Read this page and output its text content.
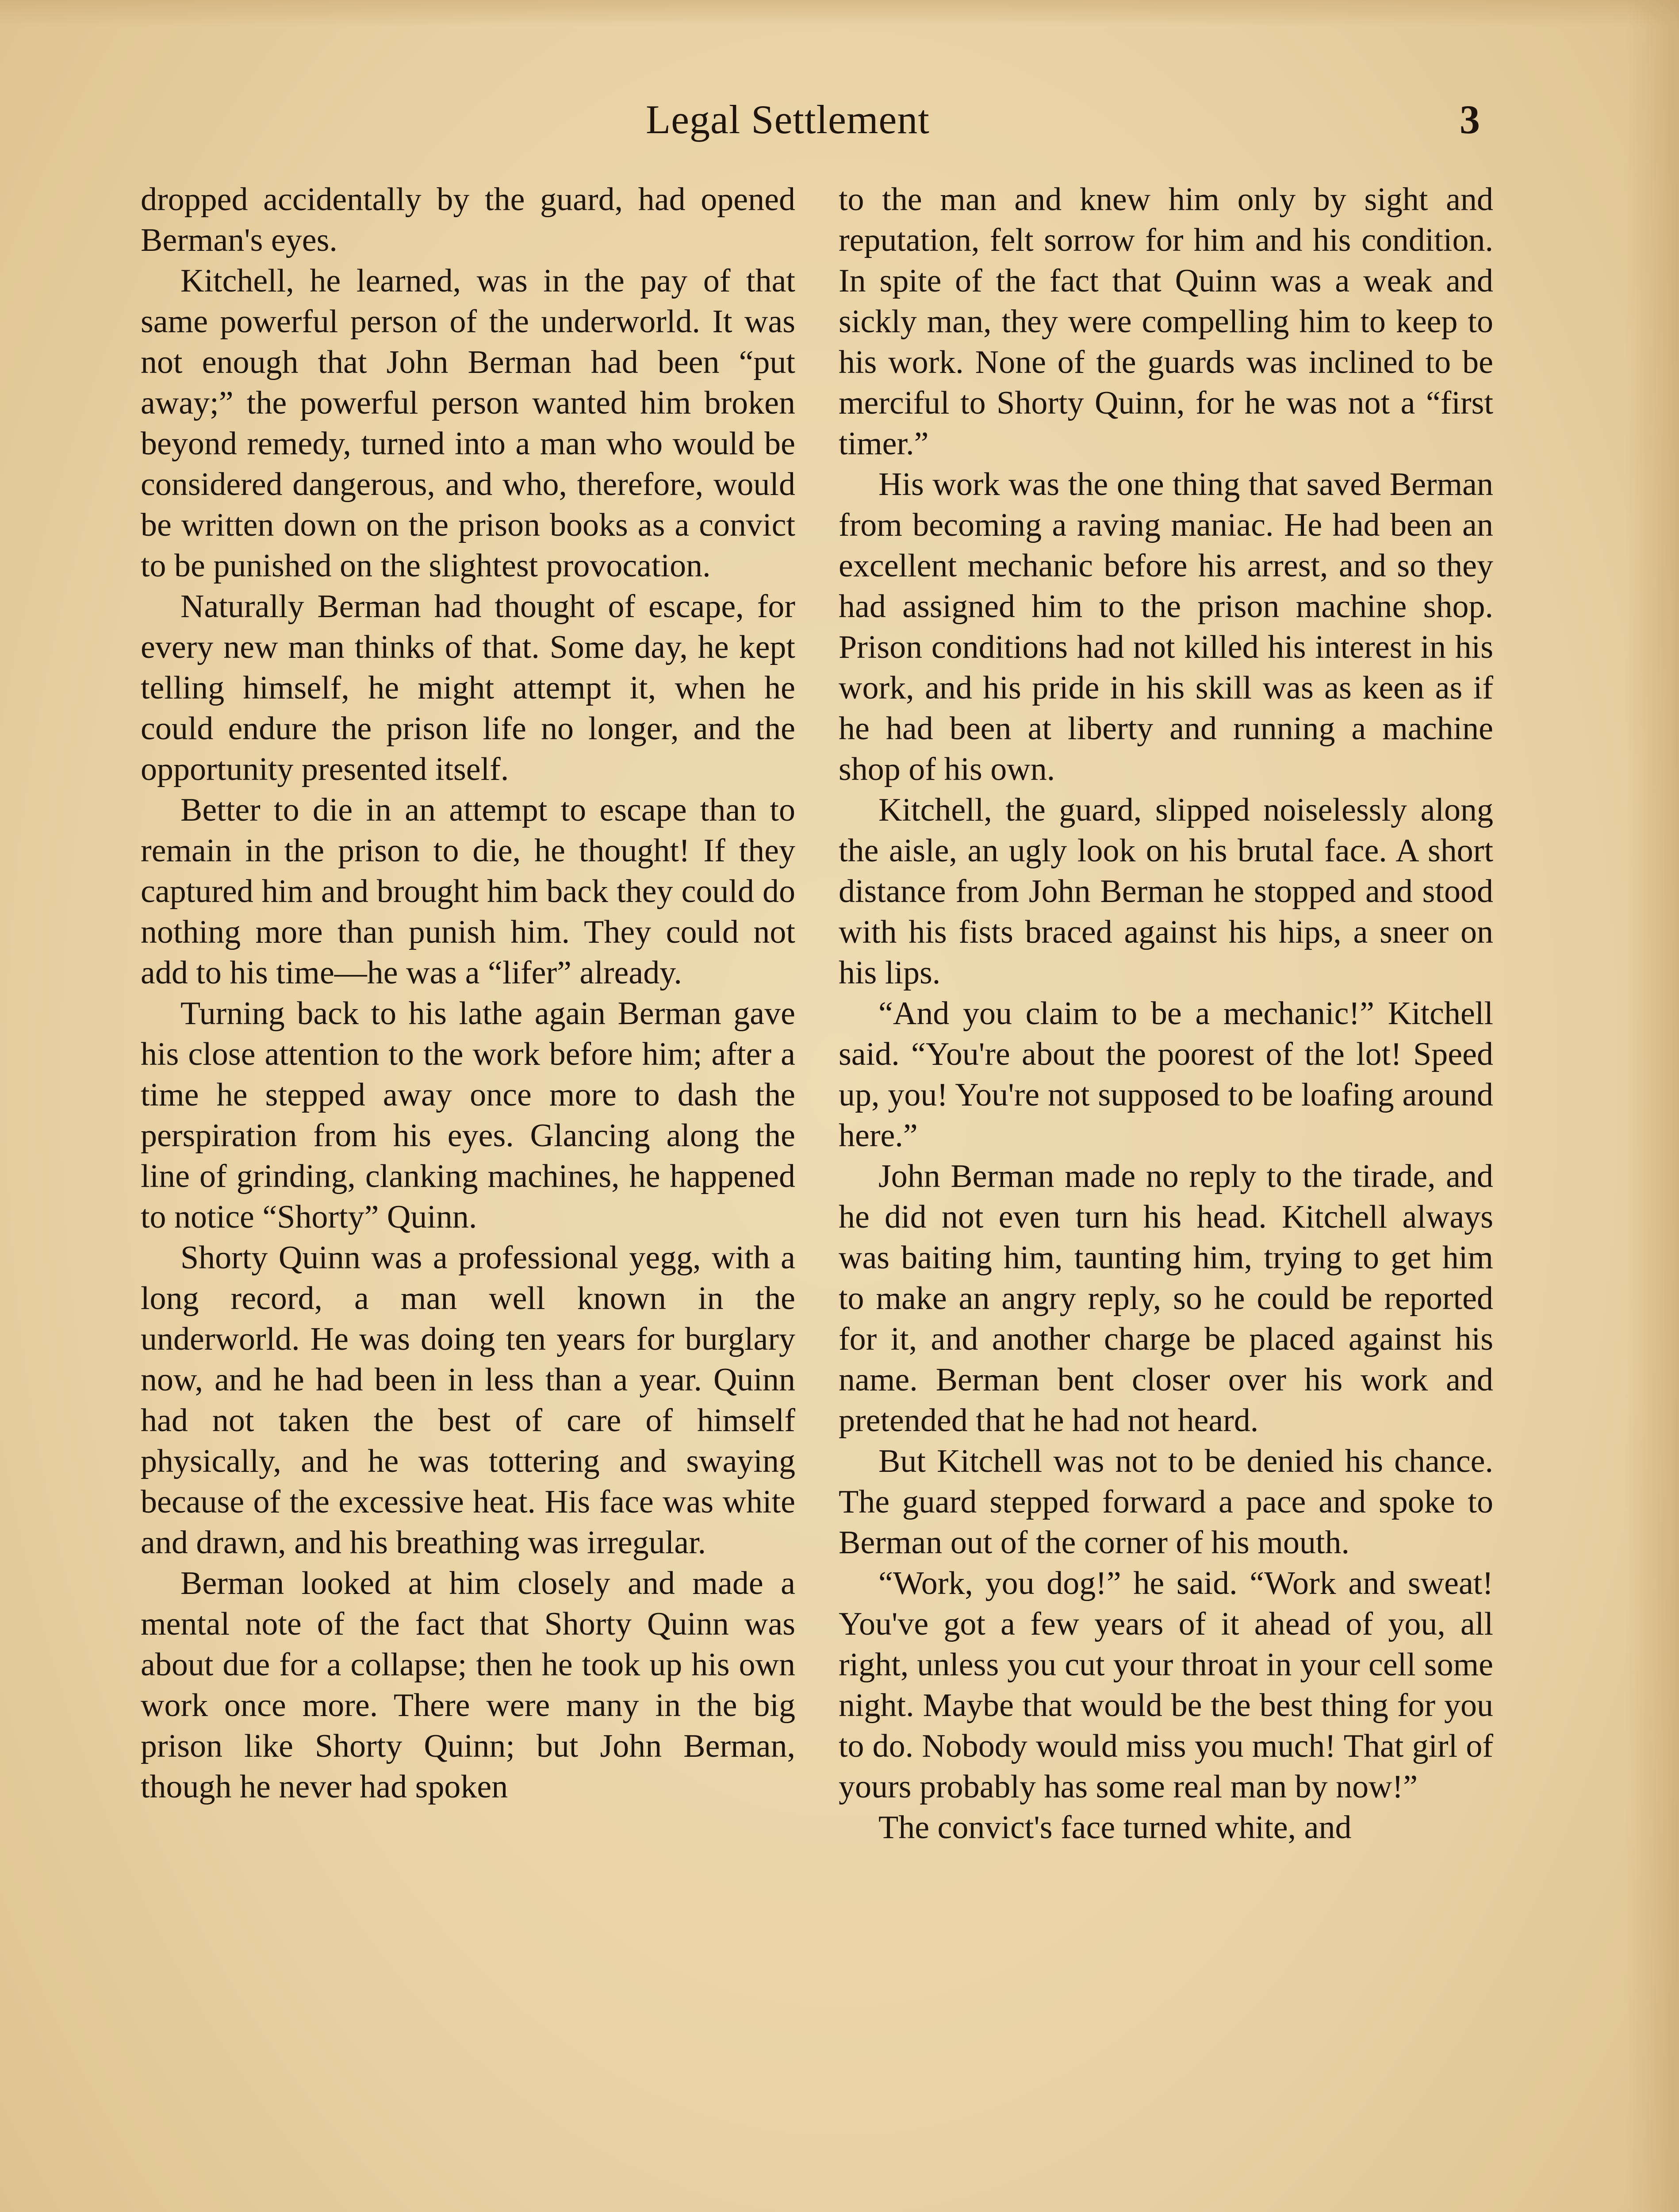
Legal Settlement	3

dropped accidentally by the guard, had opened Berman's eyes.

Kitchell, he learned, was in the pay of that same powerful person of the underworld. It was not enough that John Berman had been “put away;” the powerful person wanted him broken beyond remedy, turned into a man who would be considered dangerous, and who, therefore, would be written down on the prison books as a convict to be punished on the slightest provocation.

Naturally Berman had thought of escape, for every new man thinks of that. Some day, he kept telling himself, he might attempt it, when he could endure the prison life no longer, and the opportunity presented itself.

Better to die in an attempt to escape than to remain in the prison to die, he thought! If they captured him and brought him back they could do nothing more than punish him. They could not add to his time—he was a “lifer” already.

Turning back to his lathe again Berman gave his close attention to the work before him; after a time he stepped away once more to dash the perspiration from his eyes. Glancing along the line of grinding, clanking machines, he happened to notice “Shorty” Quinn.

Shorty Quinn was a professional yegg, with a long record, a man well known in the underworld. He was doing ten years for burglary now, and he had been in less than a year. Quinn had not taken the best of care of himself physically, and he was tottering and swaying because of the excessive heat. His face was white and drawn, and his breathing was irregular.

Berman looked at him closely and made a mental note of the fact that Shorty Quinn was about due for a collapse; then he took up his own work once more. There were many in the big prison like Shorty Quinn; but John Berman, though he never had spoken

to the man and knew him only by sight and reputation, felt sorrow for him and his condition. In spite of the fact that Quinn was a weak and sickly man, they were compelling him to keep to his work. None of the guards was inclined to be merciful to Shorty Quinn, for he was not a “first timer.”

His work was the one thing that saved Berman from becoming a raving maniac. He had been an excellent mechanic before his arrest, and so they had assigned him to the prison machine shop. Prison conditions had not killed his interest in his work, and his pride in his skill was as keen as if he had been at liberty and running a machine shop of his own.

Kitchell, the guard, slipped noiselessly along the aisle, an ugly look on his brutal face. A short distance from John Berman he stopped and stood with his fists braced against his hips, a sneer on his lips.

“And you claim to be a mechanic!” Kitchell said. “You're about the poorest of the lot! Speed up, you! You're not supposed to be loafing around here.”

John Berman made no reply to the tirade, and he did not even turn his head. Kitchell always was baiting him, taunting him, trying to get him to make an angry reply, so he could be reported for it, and another charge be placed against his name. Berman bent closer over his work and pretended that he had not heard.

But Kitchell was not to be denied his chance. The guard stepped forward a pace and spoke to Berman out of the corner of his mouth.

“Work, you dog!” he said. “Work and sweat! You've got a few years of it ahead of you, all right, unless you cut your throat in your cell some night. Maybe that would be the best thing for you to do. Nobody would miss you much! That girl of yours probably has some real man by now!”

The convict's face turned white, and
